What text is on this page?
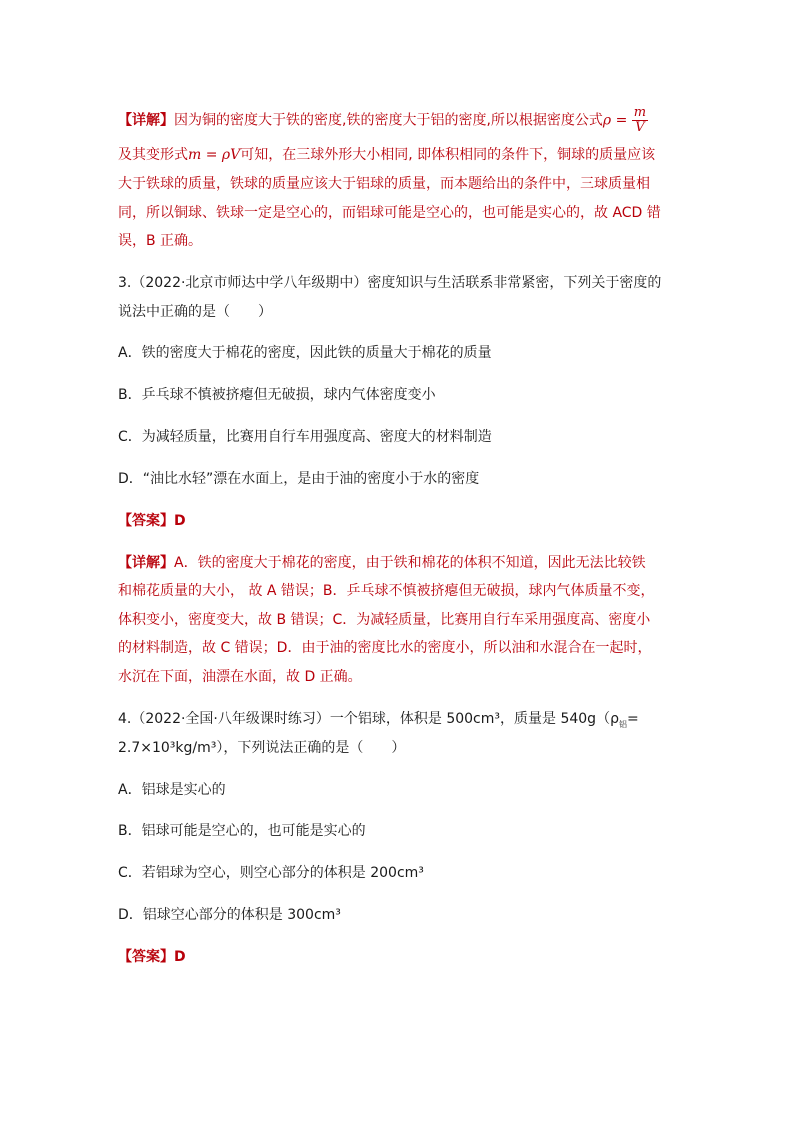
【详解】因为铜的密度大于铁的密度,铁的密度大于铝的密度,所以根据密度公式$\rho = \frac{m}{V}$
及其变形式m = ρV可知，在三球外形大小相同, 即体积相同的条件下，铜球的质量应该
大于铁球的质量，铁球的质量应该大于铝球的质量，而本题给出的条件中，三球质量相
同，所以铜球、铁球一定是空心的，而铝球可能是空心的，也可能是实心的，故 ACD 错
误，B 正确。
3.（2022·北京市师达中学八年级期中）密度知识与生活联系非常紧密，下列关于密度的
说法中正确的是（　　）
A．铁的密度大于棉花的密度，因此铁的质量大于棉花的质量
B．乒乓球不慎被挤瘪但无破损，球内气体密度变小
C．为减轻质量，比赛用自行车用强度高、密度大的材料制造
D．“油比水轻”漂在水面上，是由于油的密度小于水的密度
【答案】D
【详解】A．铁的密度大于棉花的密度，由于铁和棉花的体积不知道，因此无法比较铁
和棉花质量的大小， 故 A 错误；B．乒乓球不慎被挤瘪但无破损，球内气体质量不变，
体积变小，密度变大，故 B 错误；C．为减轻质量，比赛用自行车采用强度高、密度小
的材料制造，故 C 错误；D．由于油的密度比水的密度小，所以油和水混合在一起时，
水沉在下面，油漂在水面，故 D 正确。
4.（2022·全国·八年级课时练习）一个铝球，体积是 500cm³，质量是 $540g(\rho_铝=$
2.7×10³kg/m³），下列说法正确的是（　　）
A．铝球是实心的
B．铝球可能是空心的，也可能是实心的
C．若铝球为空心，则空心部分的体积是 200cm³
D．铝球空心部分的体积是 300cm³
【答案】D
